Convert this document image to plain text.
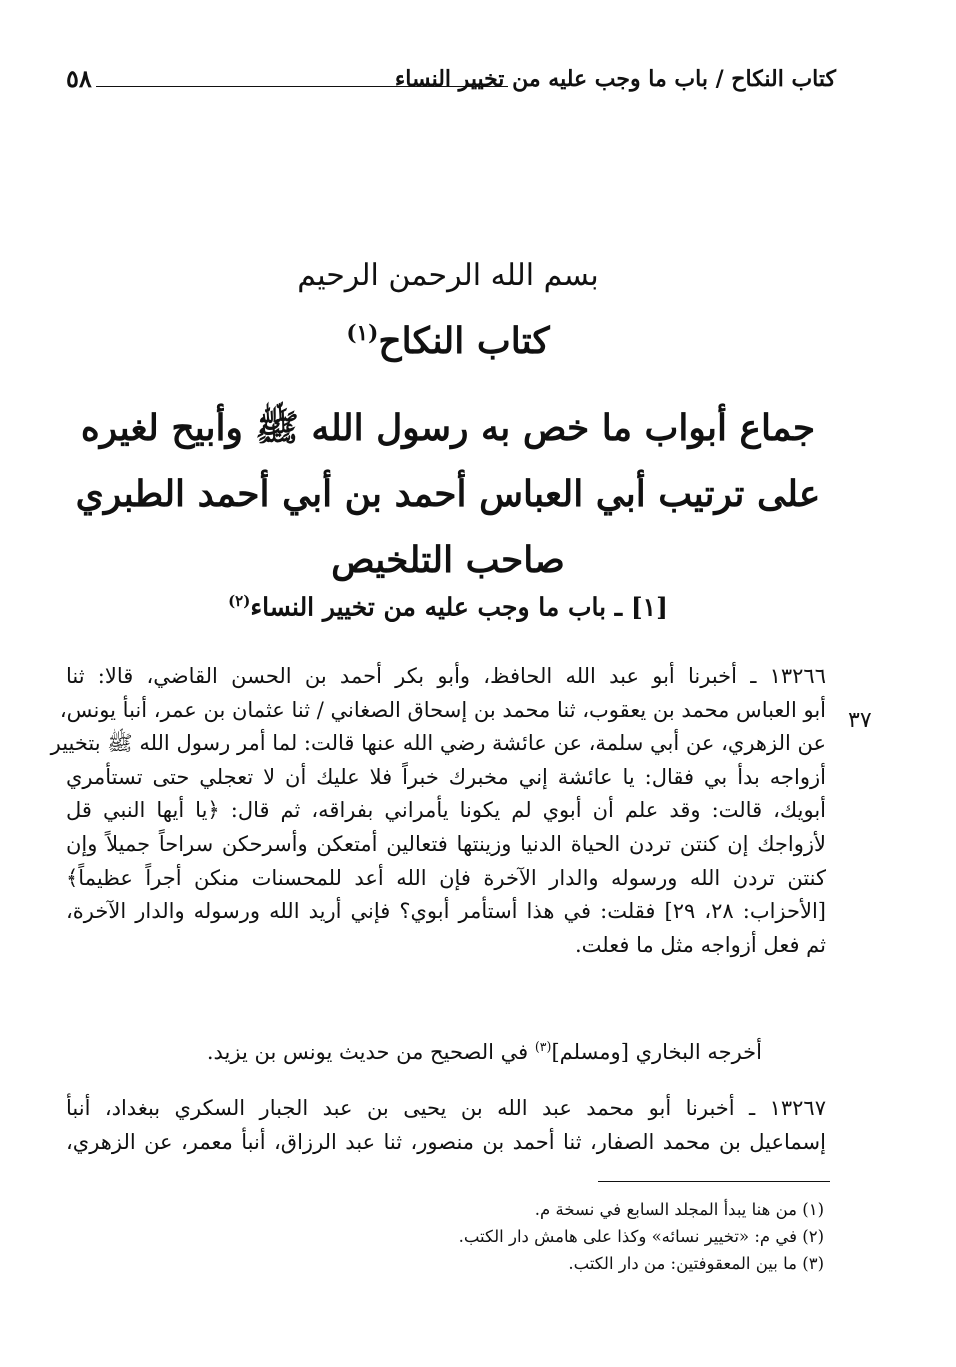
٥٨	كتاب النكاح / باب ما وجب عليه من تخيير النساء
بسم الله الرحمن الرحيم
كتاب النكاح$^{(١)}$
جماع أبواب ما خص به رسول الله ﷺ وأبيح لغيره على ترتيب أبي العباس أحمد بن أبي أحمد الطبري صاحب التلخيص
[١] ـ باب ما وجب عليه من تخيير النساء$^{(٢)}$
٣٧
١٣٢٦٦ ـ أخبرنا أبو عبد الله الحافظ، وأبو بكر أحمد بن الحسن القاضي، قالا: ثنا
أبو العباس محمد بن يعقوب، ثنا محمد بن إسحاق الصغاني / ثنا عثمان بن عمر، أنبأ يونس،
عن الزهري، عن أبي سلمة، عن عائشة رضي الله عنها قالت: لما أمر رسول الله ﷺ بتخيير
أزواجه بدأ بي فقال: يا عائشة إني مخبرك خبراً فلا عليك أن لا تعجلي حتى تستأمري
أبويك، قالت: وقد علم أن أبوي لم يكونا يأمراني بفراقه، ثم قال: ﴿يا أيها النبي قل
لأزواجك إن كنتن تردن الحياة الدنيا وزينتها فتعالين أمتعكن وأسرحكن سراحاً جميلاً وإن
كنتن تردن الله ورسوله والدار الآخرة فإن الله أعد للمحسنات منكن أجراً عظيماً﴾
[الأحزاب: ٢٨، ٢٩] فقلت: في هذا أستأمر أبوي؟ فإني أريد الله ورسوله والدار الآخرة،
ثم فعل أزواجه مثل ما فعلت.
أخرجه البخاري [ومسلم]$^{(٣)}$ في الصحيح من حديث يونس بن يزيد.
١٣٢٦٧ ـ أخبرنا أبو محمد عبد الله بن يحيى بن عبد الجبار السكري ببغداد، أنبأ
إسماعيل بن محمد الصفار، ثنا أحمد بن منصور، ثنا عبد الرزاق، أنبأ معمر، عن الزهري،
(١) من هنا يبدأ المجلد السابع في نسخة م.
(٢) في م: «تخيير نسائه» وكذا على هامش دار الكتب.
(٣) ما بين المعقوفتين: من دار الكتب.
